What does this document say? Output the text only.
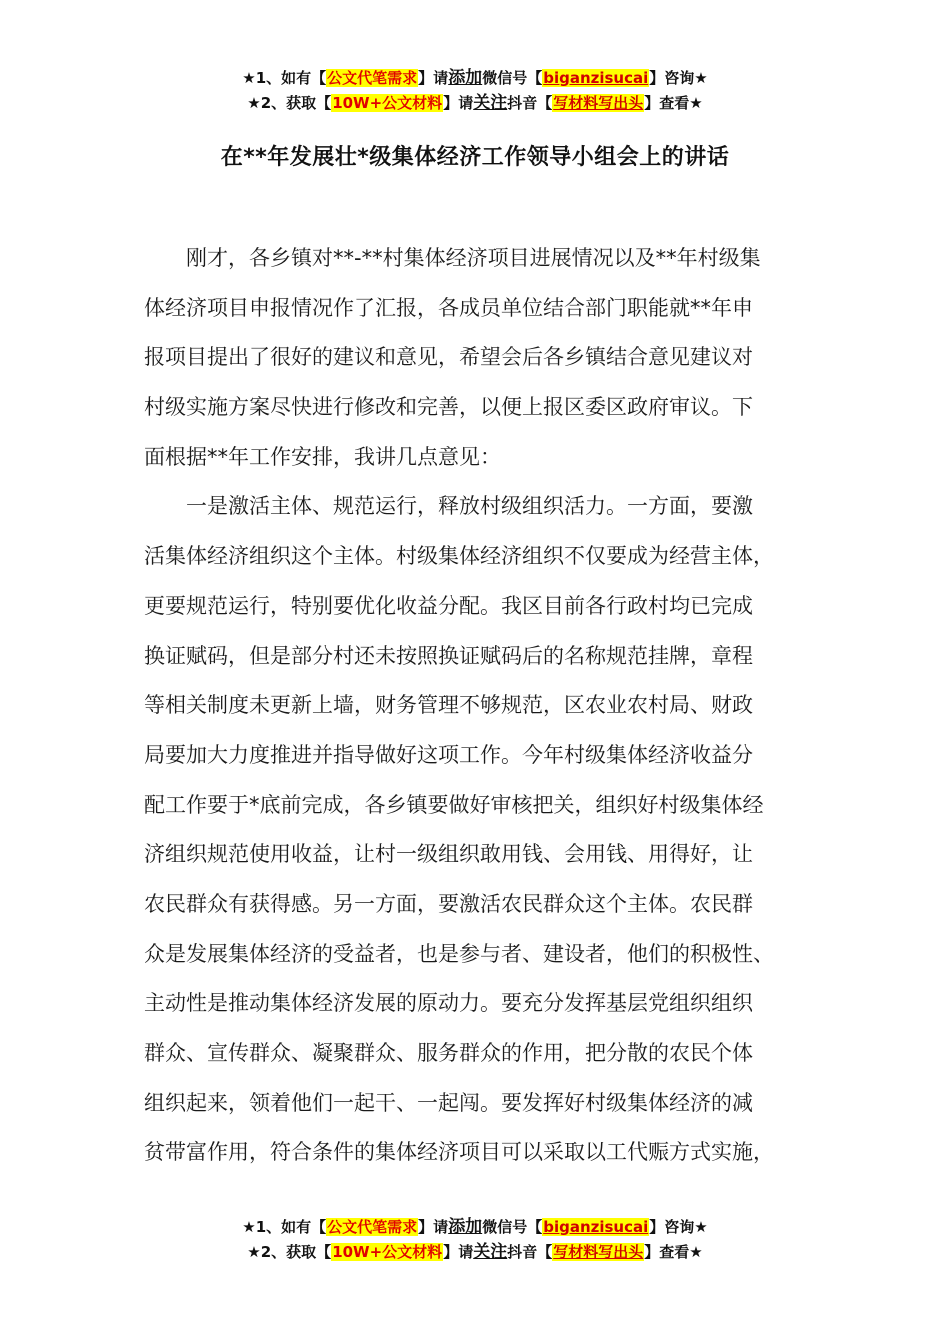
★1、如有【公文代笔需求】请添加微信号【biganzisucai】咨询★
★2、获取【10W+公文材料】请关注抖音【写材料写出头】查看★
在**年发展壮*级集体经济工作领导小组会上的讲话
　　刚才，各乡镇对**-**村集体经济项目进展情况以及**年村级集
体经济项目申报情况作了汇报，各成员单位结合部门职能就**年申
报项目提出了很好的建议和意见，希望会后各乡镇结合意见建议对
村级实施方案尽快进行修改和完善，以便上报区委区政府审议。下
面根据**年工作安排，我讲几点意见：
　　一是激活主体、规范运行，释放村级组织活力。一方面，要激
活集体经济组织这个主体。村级集体经济组织不仅要成为经营主体，
更要规范运行，特别要优化收益分配。我区目前各行政村均已完成
换证赋码，但是部分村还未按照换证赋码后的名称规范挂牌，章程
等相关制度未更新上墙，财务管理不够规范，区农业农村局、财政
局要加大力度推进并指导做好这项工作。今年村级集体经济收益分
配工作要于*底前完成，各乡镇要做好审核把关，组织好村级集体经
济组织规范使用收益，让村一级组织敢用钱、会用钱、用得好，让
农民群众有获得感。另一方面，要激活农民群众这个主体。农民群
众是发展集体经济的受益者，也是参与者、建设者，他们的积极性、
主动性是推动集体经济发展的原动力。要充分发挥基层党组织组织
群众、宣传群众、凝聚群众、服务群众的作用，把分散的农民个体
组织起来，领着他们一起干、一起闯。要发挥好村级集体经济的减
贫带富作用，符合条件的集体经济项目可以采取以工代赈方式实施，
★1、如有【公文代笔需求】请添加微信号【biganzisucai】咨询★
★2、获取【10W+公文材料】请关注抖音【写材料写出头】查看★
